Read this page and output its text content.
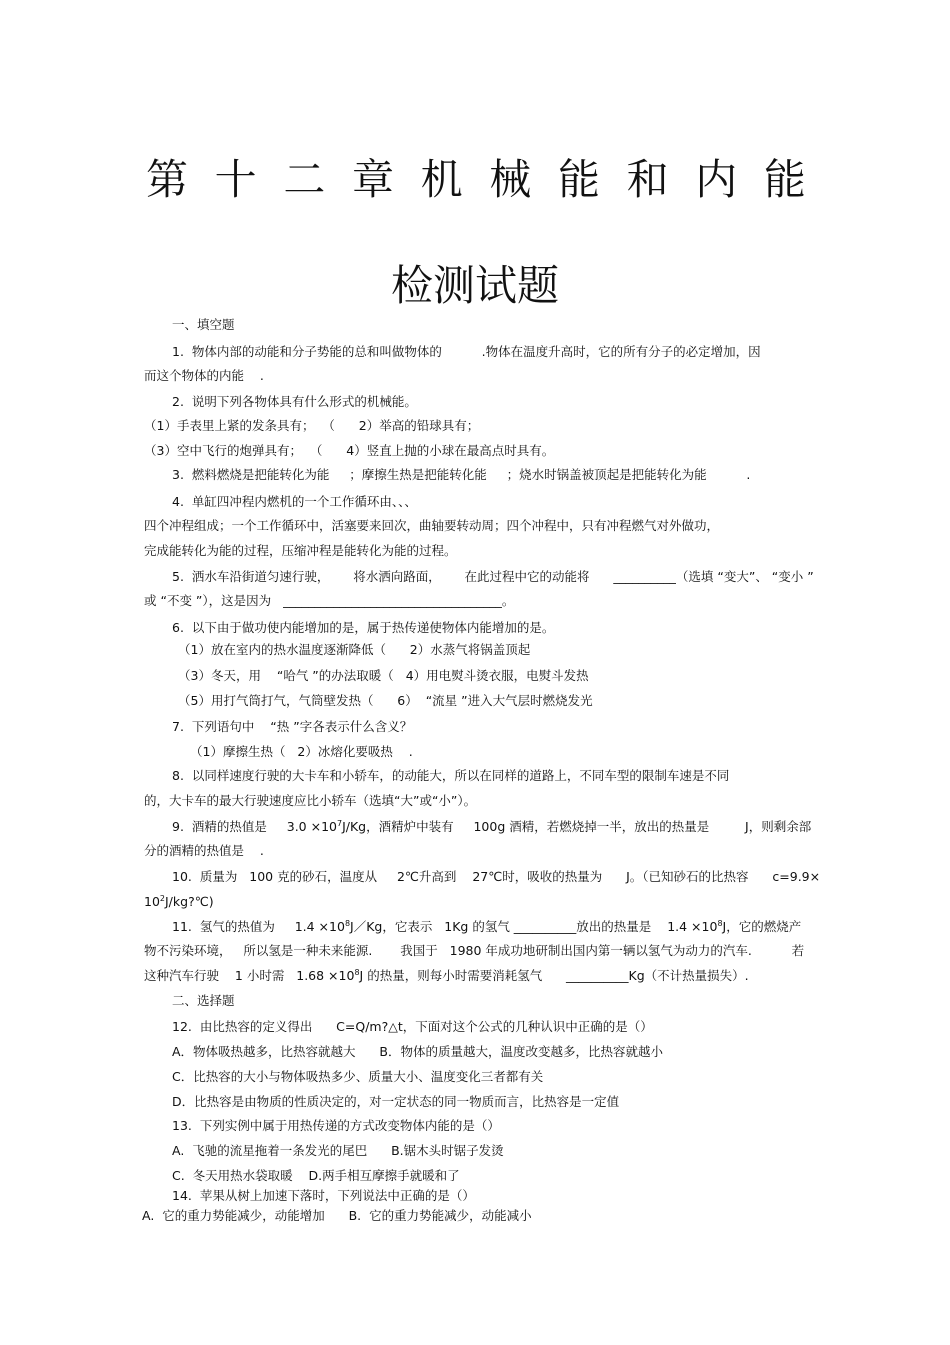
第 十 二 章 机 械 能 和 内 能
检测试题
一、填空题
1.  物体内部的动能和分子势能的总和叫做物体的          .物体在温度升高时，它的所有分子的必定增加，因
而这个物体的内能    .
2.  说明下列各物体具有什么形式的机械能。
（1）手表里上紧的发条具有；  （      2）举高的铅球具有；
（3）空中飞行的炮弹具有；  （      4）竖直上抛的小球在最高点时具有。
3.  燃料燃烧是把能转化为能     ；摩擦生热是把能转化能     ；烧水时锅盖被顶起是把能转化为能          .
4.  单缸四冲程内燃机的一个工作循环由、、、
四个冲程组成；一个工作循环中，活塞要来回次，曲轴要转动周；四个冲程中，只有冲程燃气对外做功，
完成能转化为能的过程，压缩冲程是能转化为能的过程。
5.  洒水车沿街道匀速行驶，      将水洒向路面，      在此过程中它的动能将      __________（选填 “变大”、 “变小 ”
或 “不变 ”），这是因为   ___________________________________。
6.  以下由于做功使内能增加的是，属于热传递使物体内能增加的是。
（1）放在室内的热水温度逐渐降低（      2）水蒸气将锅盖顶起
（3）冬天，用    “哈气 ”的办法取暖（   4）用电熨斗烫衣服，电熨斗发热
（5）用打气筒打气，气筒壁发热（      6）  “流星 ”进入大气层时燃烧发光
7.  下列语句中    “热 ”字各表示什么含义？
（1）摩擦生热（   2）冰熔化要吸热    .
8.  以同样速度行驶的大卡车和小轿车，的动能大，所以在同样的道路上，不同车型的限制车速是不同
的，大卡车的最大行驶速度应比小轿车（选填“大”或“小”）。
9.  酒精的热值是     $3.0 \times 10^7J/Kg$，酒精炉中装有     100g 酒精，若燃烧掉一半，放出的热量是         J，则剩余部
分的酒精的热值是    .
10.  质量为   100 克的砂石，温度从     2℃升高到    27℃时，吸收的热量为      J。（已知砂石的比热容      c=9.9×
$10^2J/kg?℃$)
11.  氢气的热值为     $1.4 \times 10^8J/Kg$，它表示   1Kg 的氢气 __________放出的热量是    $1.4 \times 10^8J$，它的燃烧产
物不污染环境，   所以氢是一种未来能源.       我国于   1980 年成功地研制出国内第一辆以氢气为动力的汽车.          若
这种汽车行驶    1 小时需   $1.68 \times 10^8J$ 的热量，则每小时需要消耗氢气      __________Kg（不计热量损失）.
二、选择题
12.  由比热容的定义得出      C=Q/m?△t，下面对这个公式的几种认识中正确的是（）
A．物体吸热越多，比热容就越大      B．物体的质量越大，温度改变越多，比热容就越小
C．比热容的大小与物体吸热多少、质量大小、温度变化三者都有关
D．比热容是由物质的性质决定的，对一定状态的同一物质而言，比热容是一定值
13.  下列实例中属于用热传递的方式改变物体内能的是（）
A.  飞驰的流星拖着一条发光的尾巴      B.锯木头时锯子发烫
C.  冬天用热水袋取暖    D.两手相互摩擦手就暖和了
14.  苹果从树上加速下落时，下列说法中正确的是（）
A.  它的重力势能减少，动能增加      B.  它的重力势能减少，动能减小
